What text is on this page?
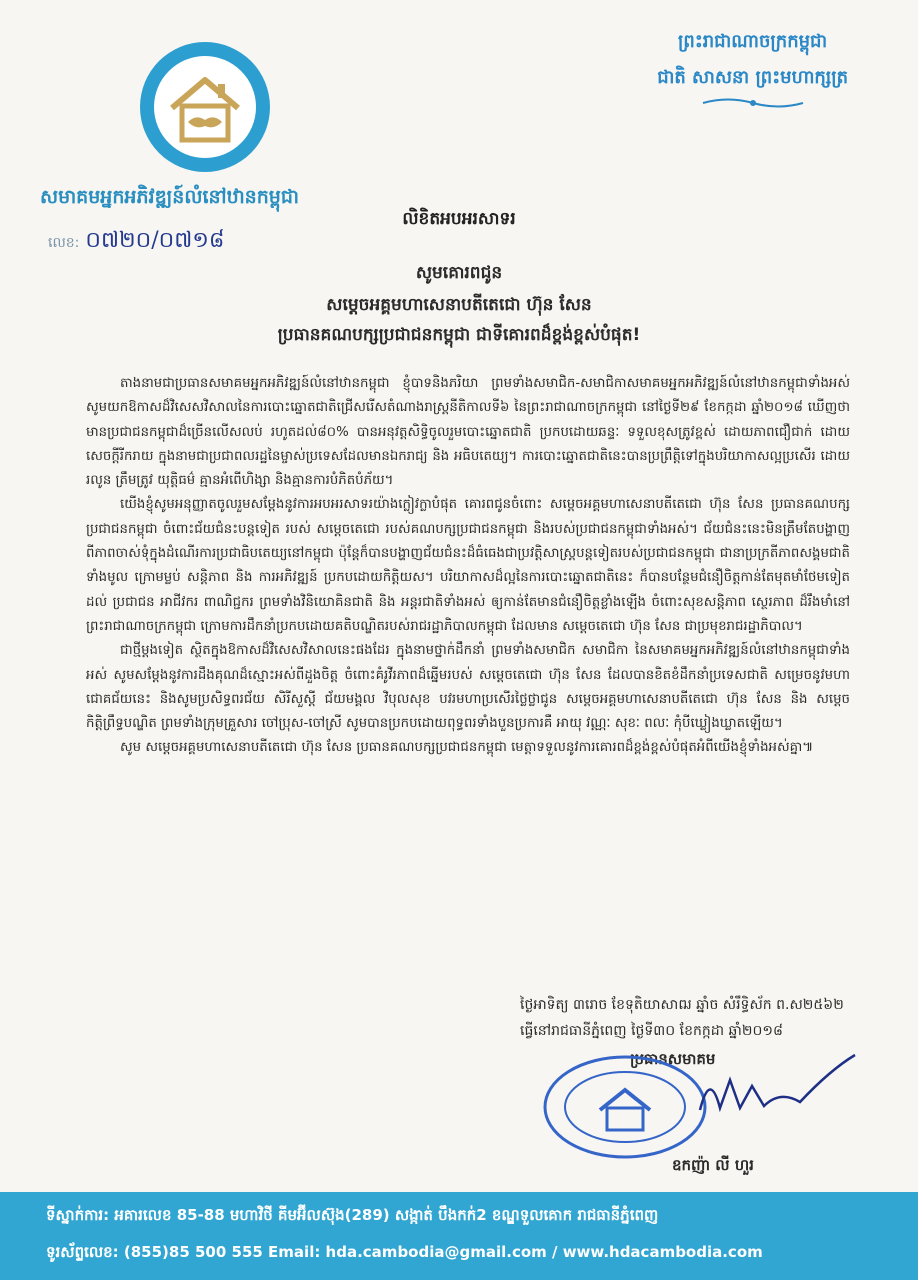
សមាគមអ្នកអភិវឌ្ឍន៍លំនៅឋានកម្ពុជា
លេខ: ០៧២០/០៧១៨
ព្រះរាជាណាចក្រកម្ពុជា
ជាតិ សាសនា ព្រះមហាក្សត្រ
លិខិតអបអរសាទរ
សូមគោរពជូន
សម្តេចអគ្គមហាសេនាបតីតេជោ ហ៊ុន សែន
ប្រធានគណបក្សប្រជាជនកម្ពុជា ជាទីគោរពដ៏ខ្ពង់ខ្ពស់បំផុត!

តាងនាមជាប្រធានសមាគមអ្នកអភិវឌ្ឍន៍លំនៅឋានកម្ពុជា ខ្ញុំបាទនិងភរិយា ព្រមទាំងសមាជិក-សមាជិកាសមាគមអ្នកអភិវឌ្ឍន៍លំនៅឋានកម្ពុជាទាំងអស់ សូមយកឱកាសដ៏វិសេសវិសាលនៃការបោះឆ្នោតជាតិជ្រើសរើសតំណាងរាស្ត្រនីតិកាលទី៦ នៃព្រះរាជាណាចក្រកម្ពុជា នៅថ្ងៃទី២៩ ខែកក្កដា ឆ្នាំ២០១៨ ឃើញថាមានប្រជាជនកម្ពុជាដ៏ច្រើនលើសលប់ រហូតដល់៨០% បានអនុវត្តសិទ្ធិចូលរួមបោះឆ្នោតជាតិ ប្រកបដោយឆន្ទៈ ទទួលខុសត្រូវខ្ពស់ ដោយភាពជឿជាក់ ដោយសេចក្តីរីករាយ ក្នុងនាមជាប្រជាពលរដ្ឋនៃម្ចាស់ប្រទេសដែលមានឯករាជ្យ និង អធិបតេយ្យ។ ការបោះឆ្នោតជាតិនេះបានប្រព្រឹត្តិទៅក្នុងបរិយាកាសល្អប្រសើរ ដោយរលូន ត្រឹមត្រូវ យុត្តិធម៌ គ្មានអំពើហិង្សា និងគ្មានការបំភិតបំភ័យ។

យើងខ្ញុំសូមអនុញ្ញាតចូលរួមសម្តែងនូវការអបអរសាទរយ៉ាងក្លៀវក្លាបំផុត គោរពជូនចំពោះ សម្តេចអគ្គមហាសេនាបតីតេជោ ហ៊ុន សែន ប្រធានគណបក្សប្រជាជនកម្ពុជា ចំពោះជ័យជំនះបន្តទៀត របស់ សម្តេចតេជោ របស់គណបក្សប្រជាជនកម្ពុជា និងរបស់ប្រជាជនកម្ពុជាទាំងអស់។ ជ័យជំនះនេះមិនត្រឹមតែបង្ហាញពីភាពចាស់ទុំក្នុងដំណើរការប្រជាធិបតេយ្យនៅកម្ពុជា ប៉ុន្តែក៏បានបង្ហាញជ័យជំនះដ៏ធំធេងជាប្រវត្តិសាស្ត្របន្តទៀតរបស់ប្រជាជនកម្ពុជា ជានាប្រក្រតីភាពសង្គមជាតិទាំងមូល ក្រោមម្លប់ សន្តិភាព និង ការអភិវឌ្ឍន៍ ប្រកបដោយកិត្តិយស។ បរិយាកាសដ៏ល្អនៃការបោះឆ្នោតជាតិនេះ ក៏បានបន្ថែមជំនឿចិត្តកាន់តែមុតមាំថែមទៀតដល់ ប្រជាជន អាជីវករ ពាណិជ្ជករ ព្រមទាំងវិនិយោគិនជាតិ និង អន្តរជាតិទាំងអស់ ឲ្យកាន់តែមានជំនឿចិត្តខ្លាំងឡើង ចំពោះសុខសន្តិភាព ស្ថេរភាព ដ៏រឹងមាំនៅព្រះរាជាណាចក្រកម្ពុជា ក្រោមការដឹកនាំប្រកបដោយគតិបណ្ឌិតរបស់រាជរដ្ឋាភិបាលកម្ពុជា ដែលមាន សម្តេចតេជោ ហ៊ុន សែន ជាប្រមុខរាជរដ្ឋាភិបាល។

ជាថ្មីម្តងទៀត ស្ថិតក្នុងឱកាសដ៏វិសេសវិសាលនេះផងដែរ ក្នុងនាមថ្នាក់ដឹកនាំ ព្រមទាំងសមាជិក សមាជិកា នៃសមាគមអ្នកអភិវឌ្ឍន៍លំនៅឋានកម្ពុជាទាំងអស់ សូមសម្តែងនូវការដឹងគុណដ៏ស្មោះអស់ពីដួងចិត្ត ចំពោះគំរូវីរភាពដ៏ឆ្នើមរបស់ សម្តេចតេជោ ហ៊ុន សែន ដែលបានខិតខំដឹកនាំប្រទេសជាតិ សម្រេចនូវមហាជោគជ័យនេះ និងសូមប្រសិទ្ធពរជ័យ សិរីសួស្តី ជ័យមង្គល វិបុលសុខ បវរមហាប្រសើរថ្លៃថ្លាជូន សម្តេចអគ្គមហាសេនាបតីតេជោ ហ៊ុន សែន និង សម្តេចកិត្តិព្រឹទ្ធបណ្ឌិត ព្រមទាំងក្រុមគ្រួសារ ចៅប្រុស-ចៅស្រី សូមបានប្រកបដោយពុទ្ធពរទាំងបួនប្រការគឺ អាយុ វណ្ណៈ សុខៈ ពលៈ កុំបីឃ្លៀងឃ្លាតឡើយ។

សូម សម្តេចអគ្គមហាសេនាបតីតេជោ ហ៊ុន សែន ប្រធានគណបក្សប្រជាជនកម្ពុជា មេត្តាទទួលនូវការគោរពដ៏ខ្ពង់ខ្ពស់បំផុតអំពីយើងខ្ញុំទាំងអស់គ្នា៕

ថ្ងៃអាទិត្យ ៣រោច ខែទុតិយាសាឍ ឆ្នាំច សំរឹទ្ធិស័ក ព.ស២៥៦២
ធ្វើនៅរាជធានីភ្នំពេញ ថ្ងៃទី៣០ ខែកក្កដា ឆ្នាំ២០១៨
ប្រធានសមាគម
ឧកញ៉ា លី ហួរ
ទីស្នាក់ការ: អគារលេខ 85-88 មហាវិថី គីមអ៊ីលស៊ុង(289) សង្កាត់ បឹងកក់2 ខណ្ឌទួលគោក រាជធានីភ្នំពេញ
ទូរស័ព្ទលេខ: (855)85 500 555 Email: hda.cambodia@gmail.com / www.hdacambodia.com
